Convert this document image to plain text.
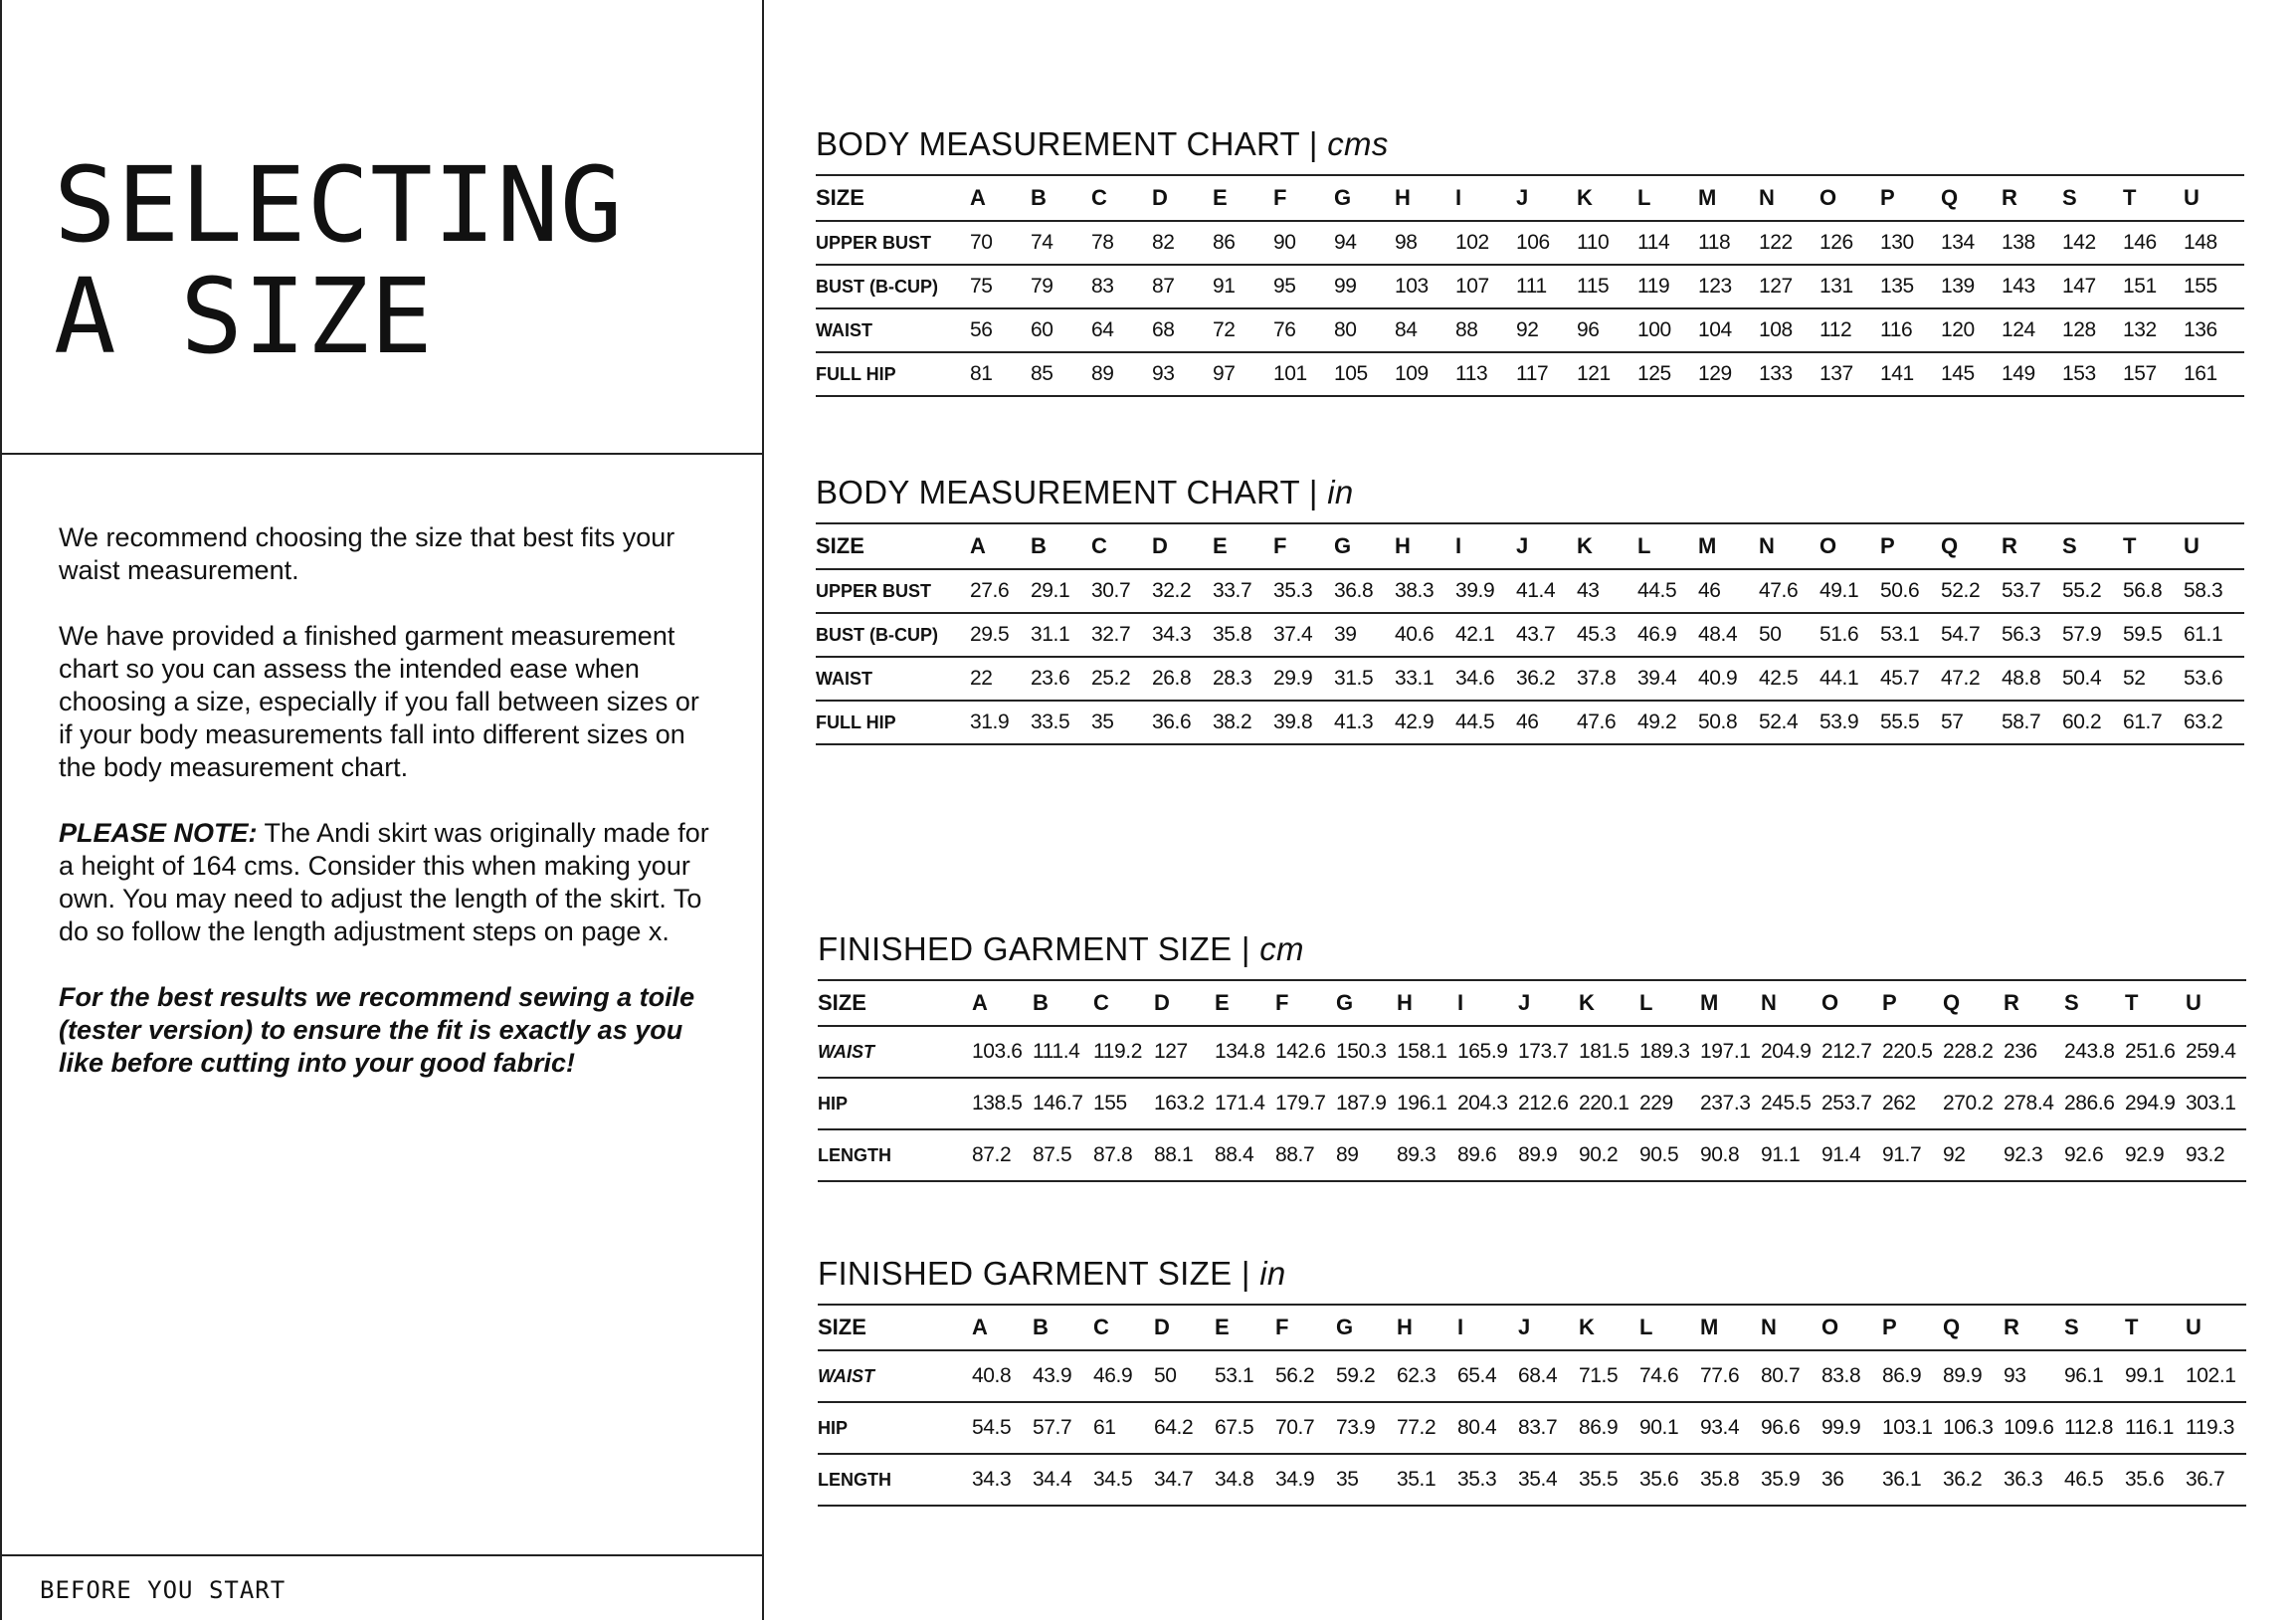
SELECTING
A SIZE

We recommend choosing the size that best fits your waist measurement.

We have provided a finished garment measurement chart so you can assess the intended ease when choosing a size, especially if you fall between sizes or if your body measurements fall into different sizes on the body measurement chart.

PLEASE NOTE: The Andi skirt was originally made for a height of 164 cms. Consider this when making your own. You may need to adjust the length of the skirt. To do so follow the length adjustment steps on page x.

For the best results we recommend sewing a toile (tester version) to ensure the fit is exactly as you like before cutting into your good fabric!

BEFORE YOU START
BODY MEASUREMENT CHART | cms
SIZE	A	B	C	D	E	F	G	H	I	J	K	L	M	N	O	P	Q	R	S	T	U
UPPER BUST	70	74	78	82	86	90	94	98	102	106	110	114	118	122	126	130	134	138	142	146	148
BUST (B-CUP)	75	79	83	87	91	95	99	103	107	111	115	119	123	127	131	135	139	143	147	151	155
WAIST	56	60	64	68	72	76	80	84	88	92	96	100	104	108	112	116	120	124	128	132	136
FULL HIP	81	85	89	93	97	101	105	109	113	117	121	125	129	133	137	141	145	149	153	157	161
BODY MEASUREMENT CHART | in
SIZE	A	B	C	D	E	F	G	H	I	J	K	L	M	N	O	P	Q	R	S	T	U
UPPER BUST	27.6	29.1	30.7	32.2	33.7	35.3	36.8	38.3	39.9	41.4	43	44.5	46	47.6	49.1	50.6	52.2	53.7	55.2	56.8	58.3
BUST (B-CUP)	29.5	31.1	32.7	34.3	35.8	37.4	39	40.6	42.1	43.7	45.3	46.9	48.4	50	51.6	53.1	54.7	56.3	57.9	59.5	61.1
WAIST	22	23.6	25.2	26.8	28.3	29.9	31.5	33.1	34.6	36.2	37.8	39.4	40.9	42.5	44.1	45.7	47.2	48.8	50.4	52	53.6
FULL HIP	31.9	33.5	35	36.6	38.2	39.8	41.3	42.9	44.5	46	47.6	49.2	50.8	52.4	53.9	55.5	57	58.7	60.2	61.7	63.2
FINISHED GARMENT SIZE | cm
SIZE	A	B	C	D	E	F	G	H	I	J	K	L	M	N	O	P	Q	R	S	T	U
WAIST	103.6	111.4	119.2	127	134.8	142.6	150.3	158.1	165.9	173.7	181.5	189.3	197.1	204.9	212.7	220.5	228.2	236	243.8	251.6	259.4
HIP	138.5	146.7	155	163.2	171.4	179.7	187.9	196.1	204.3	212.6	220.1	229	237.3	245.5	253.7	262	270.2	278.4	286.6	294.9	303.1
LENGTH	87.2	87.5	87.8	88.1	88.4	88.7	89	89.3	89.6	89.9	90.2	90.5	90.8	91.1	91.4	91.7	92	92.3	92.6	92.9	93.2
FINISHED GARMENT SIZE | in
SIZE	A	B	C	D	E	F	G	H	I	J	K	L	M	N	O	P	Q	R	S	T	U
WAIST	40.8	43.9	46.9	50	53.1	56.2	59.2	62.3	65.4	68.4	71.5	74.6	77.6	80.7	83.8	86.9	89.9	93	96.1	99.1	102.1
HIP	54.5	57.7	61	64.2	67.5	70.7	73.9	77.2	80.4	83.7	86.9	90.1	93.4	96.6	99.9	103.1	106.3	109.6	112.8	116.1	119.3
LENGTH	34.3	34.4	34.5	34.7	34.8	34.9	35	35.1	35.3	35.4	35.5	35.6	35.8	35.9	36	36.1	36.2	36.3	46.5	35.6	36.7
